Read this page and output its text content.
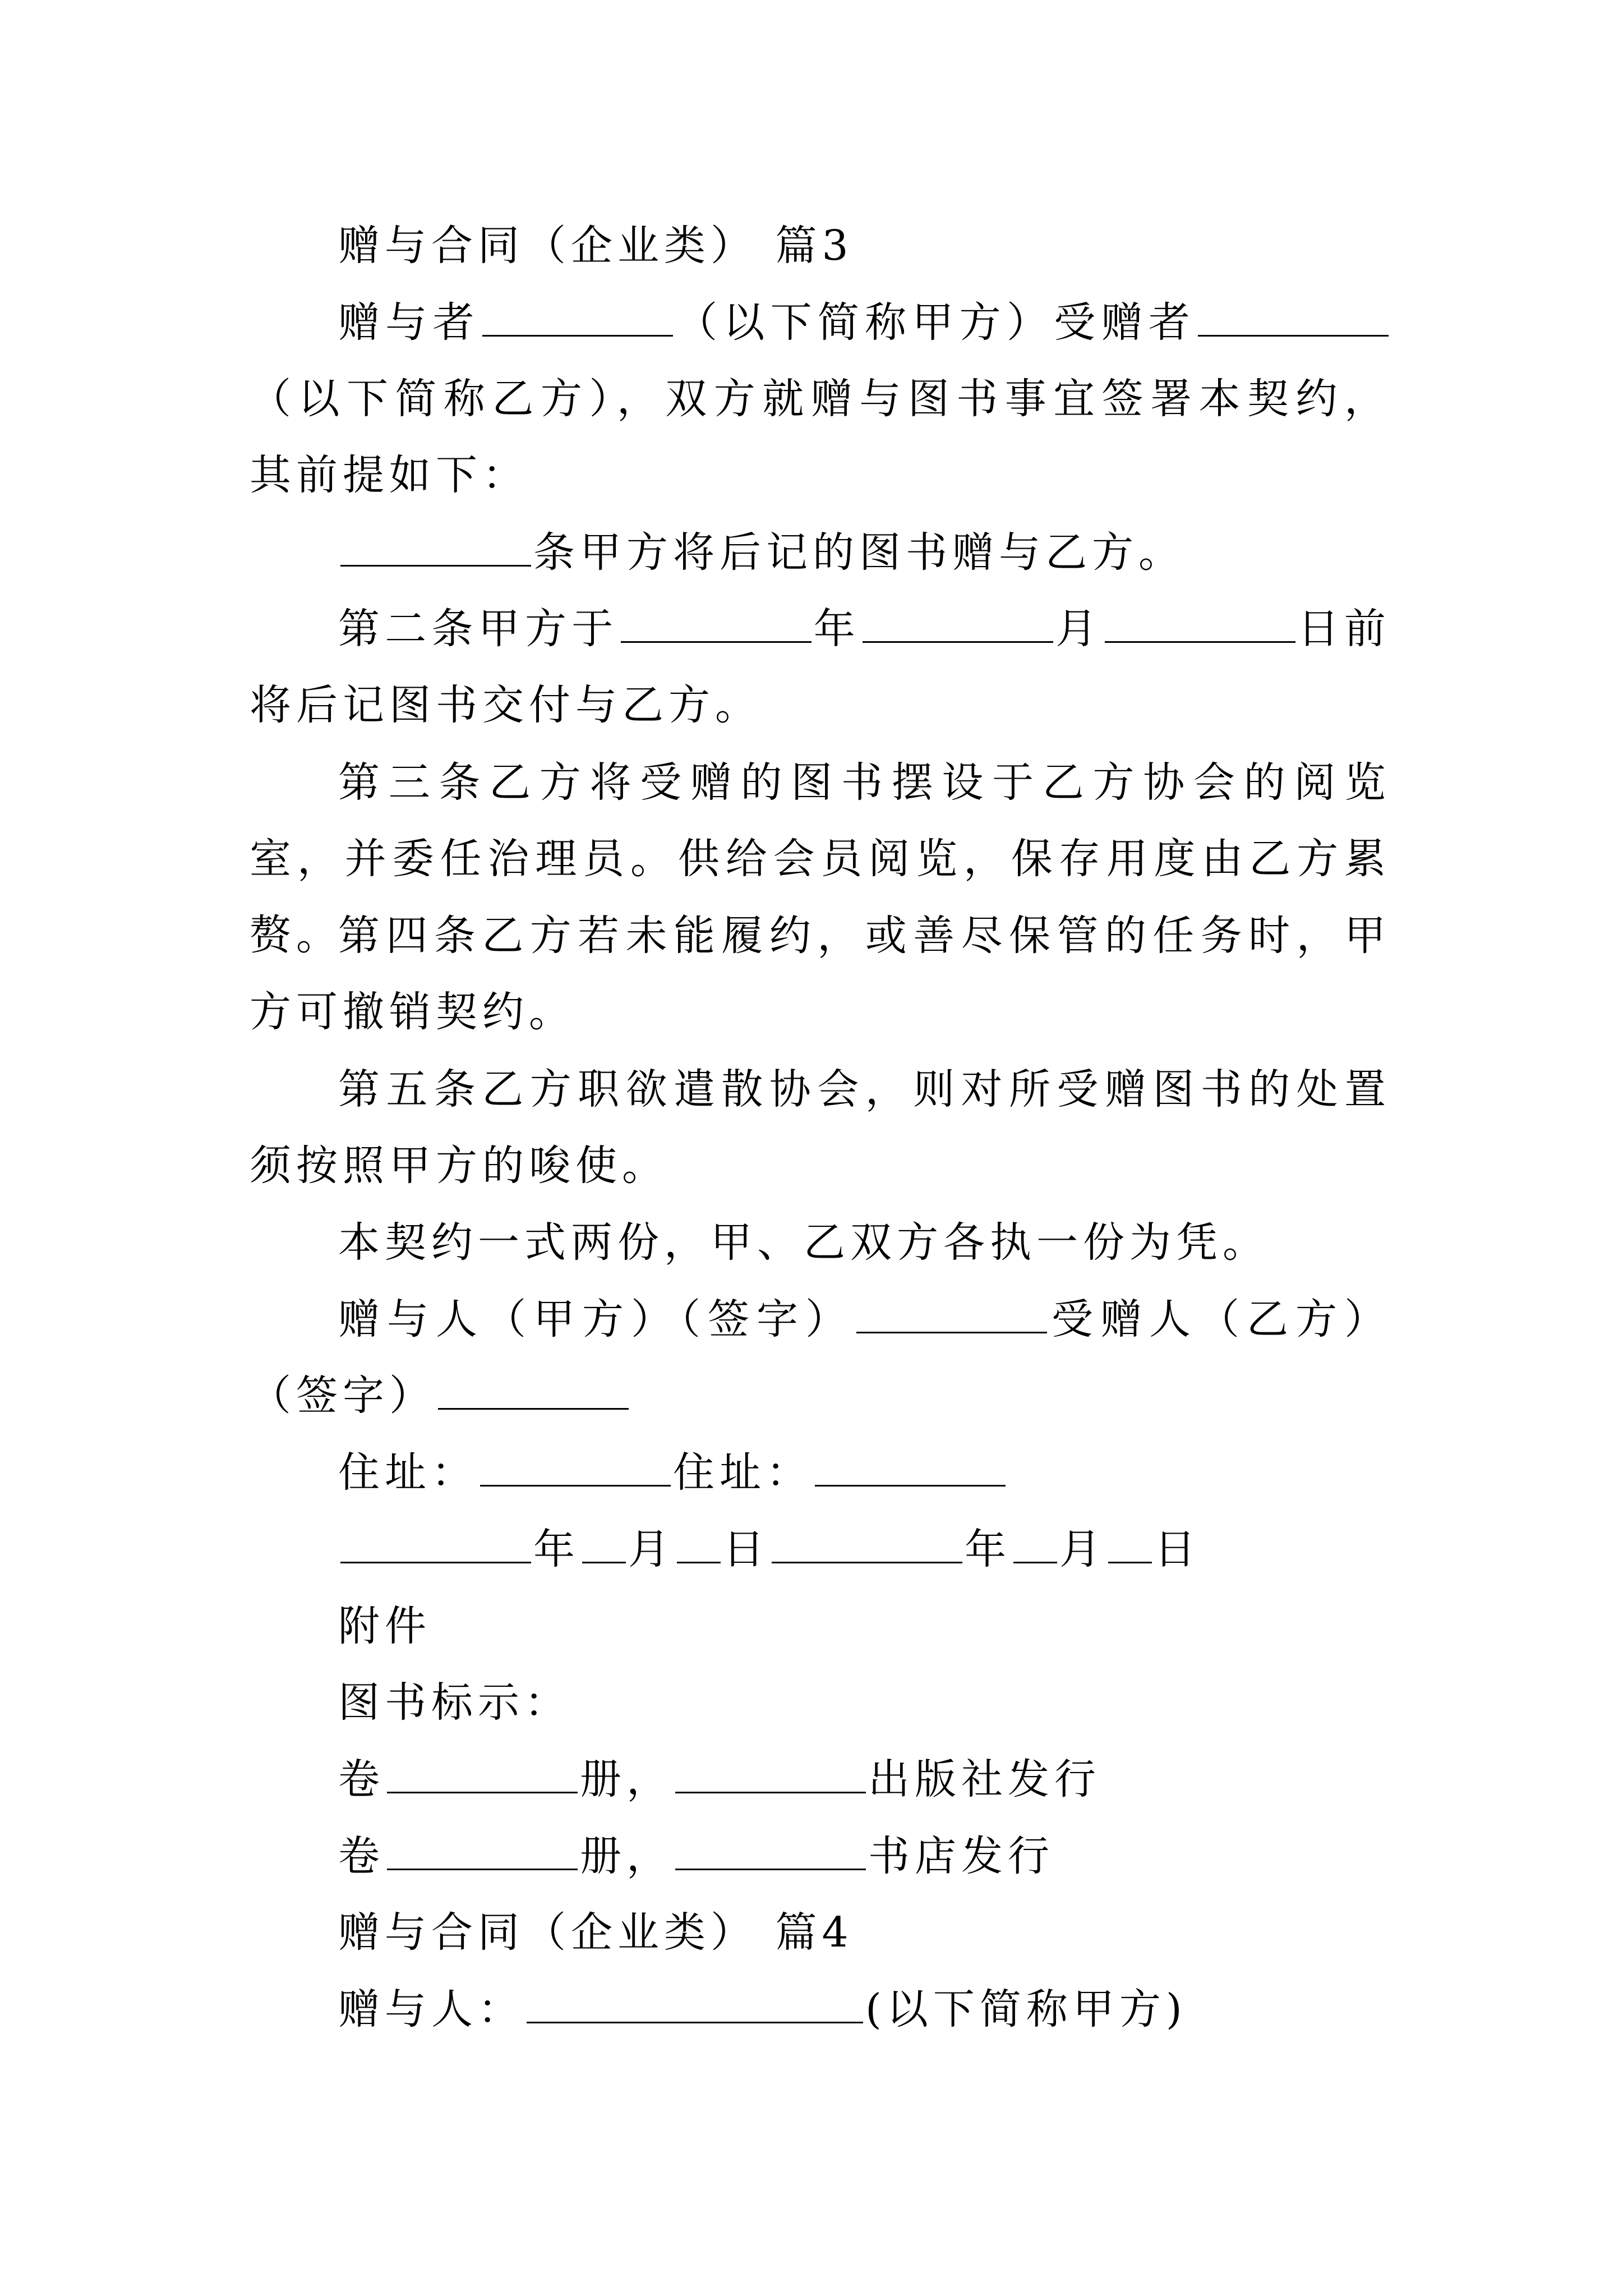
赠与合同（企业类） 篇3

赠与者	（以下简称甲方）受赠者（以下简称乙方），双方就赠与图书事宜签署本契约，其前提如下：

条甲方将后记的图书赠与乙方。

第二条甲方于	年	月	日前将后记图书交付与乙方。

第三条乙方将受赠的图书摆设于乙方协会的阅览室，并委任治理员。供给会员阅览，保存用度由乙方累赘。

第四条乙方若未能履约，或善尽保管的任务时，甲方可撤销契约。

第五条乙方职欲遣散协会，则对所受赠图书的处置须按照甲方的唆使。

本契约一式两份，甲、乙双方各执一份为凭。

赠与人（甲方）（签字）	受赠人（乙方）（签字）

住址：	住址：

年 月 日	年 月 日

附件

图书标示：

卷	册，	出版社发行

卷	册，	书店发行

赠与合同（企业类） 篇4

赠与人：	(以下简称甲方)
